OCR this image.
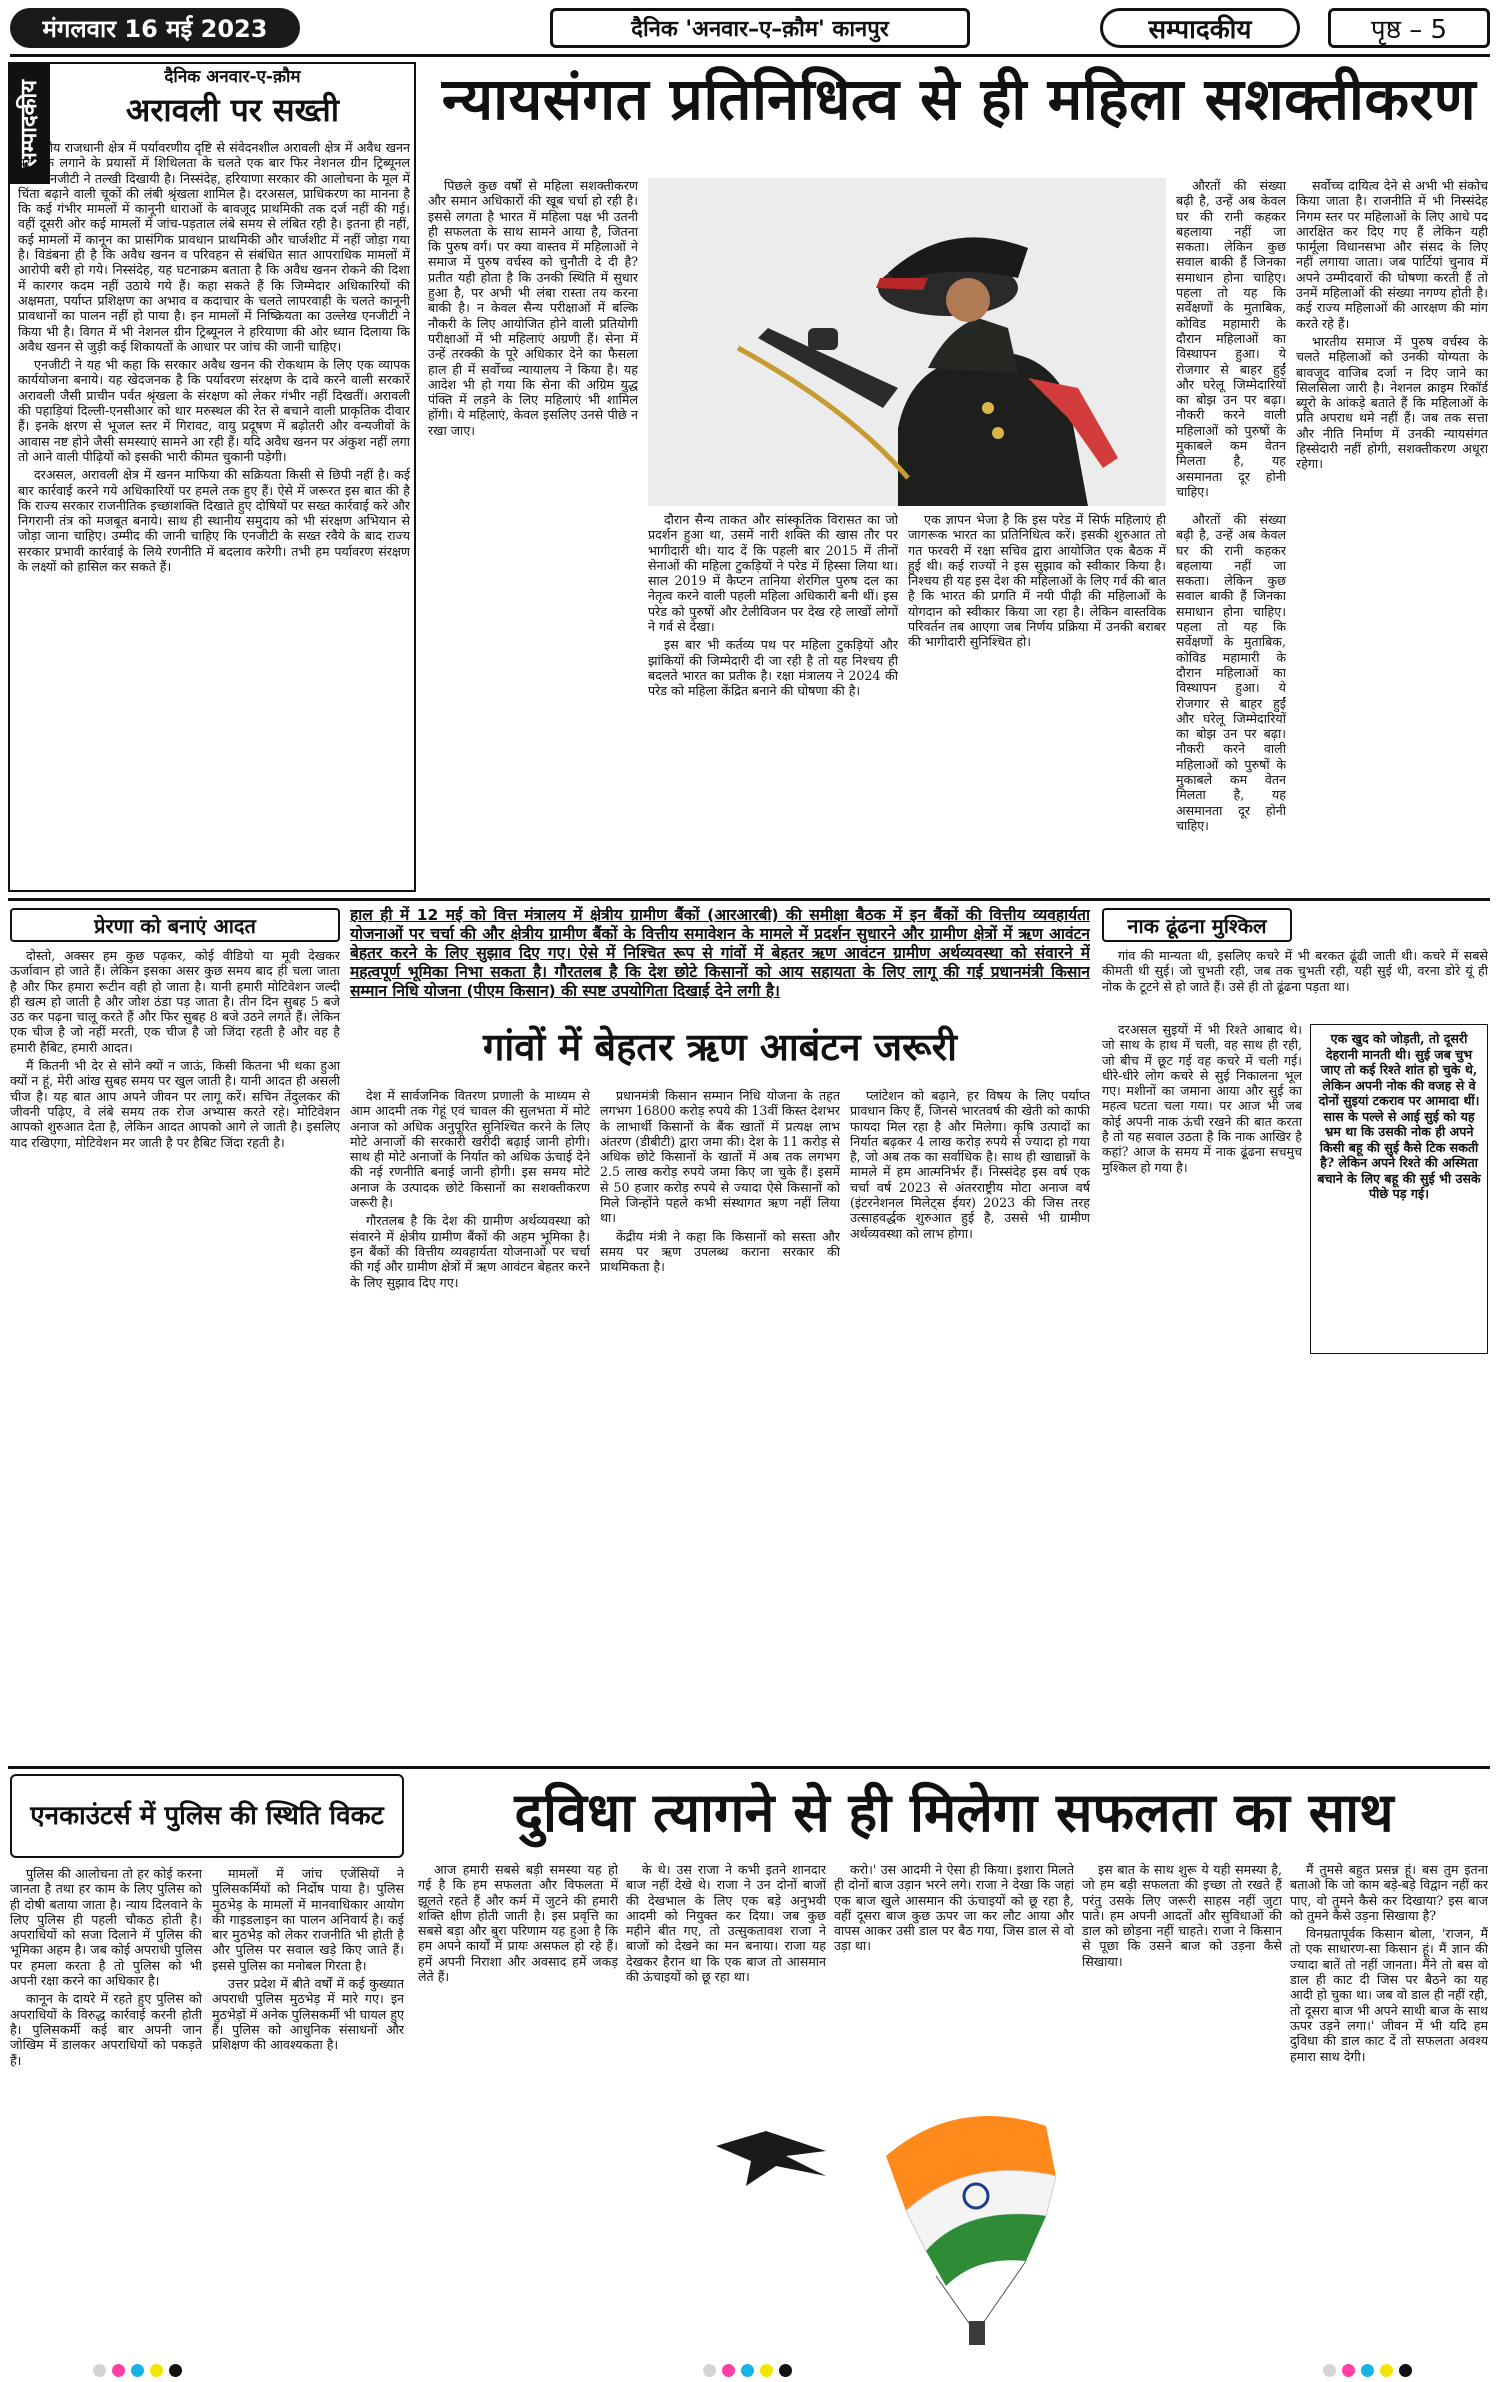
मंगलवार 16 मई 2023	दैनिक 'अनवार–ए–क़ौम' कानपुर	सम्पादकीय	पृष्ठ – 5
सम्पादकीय
दैनिक अनवार-ए-क़ौम
अरावली पर सख्ती

राष्ट्रीय राजधानी क्षेत्र में पर्यावरणीय दृष्टि से संवेदनशील अरावली क्षेत्र में अवैध खनन पर रोक लगाने के प्रयासों में शिथिलता के चलते एक बार फिर नेशनल ग्रीन ट्रिब्यूनल यानी एनजीटी ने तल्खी दिखायी है। निस्संदेह, हरियाणा सरकार की आलोचना के मूल में चिंता बढ़ाने वाली चूकों की लंबी श्रृंखला शामिल है। दरअसल, प्राधिकरण का मानना है कि कई गंभीर मामलों में कानूनी धाराओं के बावजूद प्राथमिकी तक दर्ज नहीं की गई। वहीं दूसरी ओर कई मामलों में जांच-पड़ताल लंबे समय से लंबित रही है। इतना ही नहीं, कई मामलों में कानून का प्रासंगिक प्रावधान प्राथमिकी और चार्जशीट में नहीं जोड़ा गया है। विडंबना ही है कि अवैध खनन व परिवहन से संबंधित सात आपराधिक मामलों में आरोपी बरी हो गये। निस्संदेह, यह घटनाक्रम बताता है कि अवैध खनन रोकने की दिशा में कारगर कदम नहीं उठाये गये हैं। कहा सकते हैं कि जिम्मेदार अधिकारियों की अक्षमता, पर्याप्त प्रशिक्षण का अभाव व कदाचार के चलते लापरवाही के चलते कानूनी प्रावधानों का पालन नहीं हो पाया है। इन मामलों में निष्क्रियता का उल्लेख एनजीटी ने किया भी है। विगत में भी नेशनल ग्रीन ट्रिब्यूनल ने हरियाणा की ओर ध्यान दिलाया कि अवैध खनन से जुड़ी कई शिकायतों के आधार पर जांच की जानी चाहिए।

एनजीटी ने यह भी कहा कि सरकार अवैध खनन की रोकथाम के लिए एक व्यापक कार्ययोजना बनाये। यह खेदजनक है कि पर्यावरण संरक्षण के दावे करने वाली सरकारें अरावली जैसी प्राचीन पर्वत श्रृंखला के संरक्षण को लेकर गंभीर नहीं दिखतीं। अरावली की पहाड़ियां दिल्ली-एनसीआर को थार मरुस्थल की रेत से बचाने वाली प्राकृतिक दीवार हैं। इनके क्षरण से भूजल स्तर में गिरावट, वायु प्रदूषण में बढ़ोतरी और वन्यजीवों के आवास नष्ट होने जैसी समस्याएं सामने आ रही हैं। यदि अवैध खनन पर अंकुश नहीं लगा तो आने वाली पीढ़ियों को इसकी भारी कीमत चुकानी पड़ेगी।

दरअसल, अरावली क्षेत्र में खनन माफिया की सक्रियता किसी से छिपी नहीं है। कई बार कार्रवाई करने गये अधिकारियों पर हमले तक हुए हैं। ऐसे में जरूरत इस बात की है कि राज्य सरकार राजनीतिक इच्छाशक्ति दिखाते हुए दोषियों पर सख्त कार्रवाई करे और निगरानी तंत्र को मजबूत बनाये। साथ ही स्थानीय समुदाय को भी संरक्षण अभियान से जोड़ा जाना चाहिए। उम्मीद की जानी चाहिए कि एनजीटी के सख्त रवैये के बाद राज्य सरकार प्रभावी कार्रवाई के लिये रणनीति में बदलाव करेगी। तभी हम पर्यावरण संरक्षण के लक्ष्यों को हासिल कर सकते हैं।

न्यायसंगत प्रतिनिधित्व से ही महिला सशक्तीकरण

पिछले कुछ वर्षों से महिला सशक्तीकरण और समान अधिकारों की खूब चर्चा हो रही है। इससे लगता है भारत में महिला पक्ष भी उतनी ही सफलता के साथ सामने आया है, जितना कि पुरुष वर्ग। पर क्या वास्तव में महिलाओं ने समाज में पुरुष वर्चस्व को चुनौती दे दी है? प्रतीत यही होता है कि उनकी स्थिति में सुधार हुआ है, पर अभी भी लंबा रास्ता तय करना बाकी है। न केवल सैन्य परीक्षाओं में बल्कि नौकरी के लिए आयोजित होने वाली प्रतियोगी परीक्षाओं में भी महिलाएं अग्रणी हैं। सेना में उन्हें तरक्की के पूरे अधिकार देने का फैसला हाल ही में सर्वोच्च न्यायालय ने किया है। यह आदेश भी हो गया कि सेना की अग्रिम युद्ध पंक्ति में लड़ने के लिए महिलाएं भी शामिल होंगी। ये महिलाएं, केवल इसलिए उनसे पीछे न रखा जाए।

दौरान सैन्य ताकत और सांस्कृतिक विरासत का जो प्रदर्शन हुआ था, उसमें नारी शक्ति की खास तौर पर भागीदारी थी। याद दें कि पहली बार 2015 में तीनों सेनाओं की महिला टुकड़ियों ने परेड में हिस्सा लिया था। साल 2019 में कैप्टन तानिया शेरगिल पुरुष दल का नेतृत्व करने वाली पहली महिला अधिकारी बनी थीं। इस परेड को पुरुषों और टेलीविजन पर देख रहे लाखों लोगों ने गर्व से देखा।

इस बार भी कर्तव्य पथ पर महिला टुकड़ियों और झांकियों की जिम्मेदारी दी जा रही है तो यह निश्चय ही बदलते भारत का प्रतीक है। रक्षा मंत्रालय ने 2024 की परेड को महिला केंद्रित बनाने की घोषणा की है।

एक ज्ञापन भेजा है कि इस परेड में सिर्फ महिलाएं ही जागरूक भारत का प्रतिनिधित्व करें। इसकी शुरुआत तो गत फरवरी में रक्षा सचिव द्वारा आयोजित एक बैठक में हुई थी। कई राज्यों ने इस सुझाव को स्वीकार किया है। निश्चय ही यह इस देश की महिलाओं के लिए गर्व की बात है कि भारत की प्रगति में नयी पीढ़ी की महिलाओं के योगदान को स्वीकार किया जा रहा है। लेकिन वास्तविक परिवर्तन तब आएगा जब निर्णय प्रक्रिया में उनकी बराबर की भागीदारी सुनिश्चित हो।

औरतों की संख्या बढ़ी है, उन्हें अब केवल घर की रानी कहकर बहलाया नहीं जा सकता। लेकिन कुछ सवाल बाकी हैं जिनका समाधान होना चाहिए। पहला तो यह कि सर्वेक्षणों के मुताबिक, कोविड महामारी के दौरान महिलाओं का विस्थापन हुआ। ये रोजगार से बाहर हुईं और घरेलू जिम्मेदारियों का बोझ उन पर बढ़ा। नौकरी करने वाली महिलाओं को पुरुषों के मुकाबले कम वेतन मिलता है, यह असमानता दूर होनी चाहिए।

सर्वोच्च दायित्व देने से अभी भी संकोच किया जाता है। राजनीति में भी निस्संदेह निगम स्तर पर महिलाओं के लिए आधे पद आरक्षित कर दिए गए हैं लेकिन यही फार्मूला विधानसभा और संसद के लिए नहीं लगाया जाता। जब पार्टियां चुनाव में अपने उम्मीदवारों की घोषणा करती हैं तो उनमें महिलाओं की संख्या नगण्य होती है। कई राज्य महिलाओं की आरक्षण की मांग करते रहे हैं।

भारतीय समाज में पुरुष वर्चस्व के चलते महिलाओं को उनकी योग्यता के बावजूद वाजिब दर्जा न दिए जाने का सिलसिला जारी है। नेशनल क्राइम रिकॉर्ड ब्यूरो के आंकड़े बताते हैं कि महिलाओं के प्रति अपराध थमे नहीं हैं। जब तक सत्ता और नीति निर्माण में उनकी न्यायसंगत हिस्सेदारी नहीं होगी, सशक्तीकरण अधूरा रहेगा।

औरतों की संख्या बढ़ी है, उन्हें अब केवल घर की रानी कहकर बहलाया नहीं जा सकता। लेकिन कुछ सवाल बाकी हैं जिनका समाधान होना चाहिए। पहला तो यह कि सर्वेक्षणों के मुताबिक, कोविड महामारी के दौरान महिलाओं का विस्थापन हुआ। ये रोजगार से बाहर हुईं और घरेलू जिम्मेदारियों का बोझ उन पर बढ़ा। नौकरी करने वाली महिलाओं को पुरुषों के मुकाबले कम वेतन मिलता है, यह असमानता दूर होनी चाहिए।

प्रेरणा को बनाएं आदत

दोस्तो, अक्सर हम कुछ पढ़कर, कोई वीडियो या मूवी देखकर ऊर्जावान हो जाते हैं। लेकिन इसका असर कुछ समय बाद ही चला जाता है और फिर हमारा रूटीन वही हो जाता है। यानी हमारी मोटिवेशन जल्दी ही खत्म हो जाती है और जोश ठंडा पड़ जाता है। तीन दिन सुबह 5 बजे उठ कर पढ़ना चालू करते हैं और फिर सुबह 8 बजे उठने लगते हैं। लेकिन एक चीज है जो नहीं मरती, एक चीज है जो जिंदा रहती है और वह है हमारी हैबिट, हमारी आदत।

मैं कितनी भी देर से सोने क्यों न जाऊं, किसी कितना भी थका हुआ क्यों न हूं, मेरी आंख सुबह समय पर खुल जाती है। यानी आदत ही असली चीज है। यह बात आप अपने जीवन पर लागू करें। सचिन तेंदुलकर की जीवनी पढ़िए, वे लंबे समय तक रोज अभ्यास करते रहे। मोटिवेशन आपको शुरुआत देता है, लेकिन आदत आपको आगे ले जाती है। इसलिए याद रखिएगा, मोटिवेशन मर जाती है पर हैबिट जिंदा रहती है।

हाल ही में 12 मई को वित्त मंत्रालय में क्षेत्रीय ग्रामीण बैंकों (आरआरबी) की समीक्षा बैठक में इन बैंकों की वित्तीय व्यवहार्यता योजनाओं पर चर्चा की और क्षेत्रीय ग्रामीण बैंकों के वित्तीय समावेशन के मामले में प्रदर्शन सुधारने और ग्रामीण क्षेत्रों में ऋण आवंटन बेहतर करने के लिए सुझाव दिए गए। ऐसे में निश्चित रूप से गांवों में बेहतर ऋण आवंटन ग्रामीण अर्थव्यवस्था को संवारने में महत्वपूर्ण भूमिका निभा सकता है। गौरतलब है कि देश छोटे किसानों को आय सहायता के लिए लागू की गई प्रधानमंत्री किसान सम्मान निधि योजना (पीएम किसान) की स्पष्ट उपयोगिता दिखाई देने लगी है।
गांवों में बेहतर ऋण आबंटन जरूरी

देश में सार्वजनिक वितरण प्रणाली के माध्यम से आम आदमी तक गेहूं एवं चावल की सुलभता में मोटे अनाज को अधिक अनुपूरित सुनिश्चित करने के लिए मोटे अनाजों की सरकारी खरीदी बढ़ाई जानी होगी। साथ ही मोटे अनाजों के निर्यात को अधिक ऊंचाई देने की नई रणनीति बनाई जानी होगी। इस समय मोटे अनाज के उत्पादक छोटे किसानों का सशक्तीकरण जरूरी है।

गौरतलब है कि देश की ग्रामीण अर्थव्यवस्था को संवारने में क्षेत्रीय ग्रामीण बैंकों की अहम भूमिका है। इन बैंकों की वित्तीय व्यवहार्यता योजनाओं पर चर्चा की गई और ग्रामीण क्षेत्रों में ऋण आवंटन बेहतर करने के लिए सुझाव दिए गए।

प्रधानमंत्री किसान सम्मान निधि योजना के तहत लगभग 16800 करोड़ रुपये की 13वीं किस्त देशभर के लाभार्थी किसानों के बैंक खातों में प्रत्यक्ष लाभ अंतरण (डीबीटी) द्वारा जमा की। देश के 11 करोड़ से अधिक छोटे किसानों के खातों में अब तक लगभग 2.5 लाख करोड़ रुपये जमा किए जा चुके हैं। इसमें से 50 हजार करोड़ रुपये से ज्यादा ऐसे किसानों को मिले जिन्होंने पहले कभी संस्थागत ऋण नहीं लिया था।

केंद्रीय मंत्री ने कहा कि किसानों को सस्ता और समय पर ऋण उपलब्ध कराना सरकार की प्राथमिकता है।

प्लांटेशन को बढ़ाने, हर विषय के लिए पर्याप्त प्रावधान किए हैं, जिनसे भारतवर्ष की खेती को काफी फायदा मिल रहा है और मिलेगा। कृषि उत्पादों का निर्यात बढ़कर 4 लाख करोड़ रुपये से ज्यादा हो गया है, जो अब तक का सर्वाधिक है। साथ ही खाद्यान्नों के मामले में हम आत्मनिर्भर हैं। निस्संदेह इस वर्ष एक चर्चा वर्ष 2023 से अंतरराष्ट्रीय मोटा अनाज वर्ष (इंटरनेशनल मिलेट्स ईयर) 2023 की जिस तरह उत्साहवर्द्धक शुरुआत हुई है, उससे भी ग्रामीण अर्थव्यवस्था को लाभ होगा।

नाक ढूंढना मुश्किल

गांव की मान्यता थी, इसलिए कचरे में भी बरकत ढूंढी जाती थी। कचरे में सबसे कीमती थी सुई। जो चुभती रही, जब तक चुभती रही, यही सुई थी, वरना डोरे यूं ही नोक के टूटने से हो जाते हैं। उसे ही तो ढूंढना पड़ता था।

दरअसल सुइयों में भी रिश्ते आबाद थे। जो साथ के हाथ में चली, वह साथ ही रही, जो बीच में छूट गई वह कचरे में चली गई। धीरे-धीरे लोग कचरे से सुई निकालना भूल गए। मशीनों का जमाना आया और सुई का महत्व घटता चला गया। पर आज भी जब कोई अपनी नाक ऊंची रखने की बात करता है तो यह सवाल उठता है कि नाक आखिर है कहां? आज के समय में नाक ढूंढना सचमुच मुश्किल हो गया है।

एक खुद को जोड़ती, तो दूसरी देहरानी मानती थी। सुई जब चुभ जाए तो कई रिश्ते शांत हो चुके थे, लेकिन अपनी नोक की वजह से वे दोनों सुइयां टकराव पर आमादा थीं। सास के पल्ले से आई सुई को यह भ्रम था कि उसकी नोक ही अपने किसी बहू की सुई कैसे टिक सकती है? लेकिन अपने रिश्ते की अस्मिता बचाने के लिए बहू की सुई भी उसके पीछे पड़ गई।
एनकाउंटर्स में पुलिस की स्थिति विकट

पुलिस की आलोचना तो हर कोई करना जानता है तथा हर काम के लिए पुलिस को ही दोषी बताया जाता है। न्याय दिलवाने के लिए पुलिस ही पहली चौकठ होती है। अपराधियों को सजा दिलाने में पुलिस की भूमिका अहम है। जब कोई अपराधी पुलिस पर हमला करता है तो पुलिस को भी अपनी रक्षा करने का अधिकार है।

कानून के दायरे में रहते हुए पुलिस को अपराधियों के विरुद्ध कार्रवाई करनी होती है। पुलिसकर्मी कई बार अपनी जान जोखिम में डालकर अपराधियों को पकड़ते हैं।

मामलों में जांच एजेंसियों ने पुलिसकर्मियों को निर्दोष पाया है। पुलिस मुठभेड़ के मामलों में मानवाधिकार आयोग की गाइडलाइन का पालन अनिवार्य है। कई बार मुठभेड़ को लेकर राजनीति भी होती है और पुलिस पर सवाल खड़े किए जाते हैं। इससे पुलिस का मनोबल गिरता है।

उत्तर प्रदेश में बीते वर्षों में कई कुख्यात अपराधी पुलिस मुठभेड़ में मारे गए। इन मुठभेड़ों में अनेक पुलिसकर्मी भी घायल हुए हैं। पुलिस को आधुनिक संसाधनों और प्रशिक्षण की आवश्यकता है।

दुविधा त्यागने से ही मिलेगा सफलता का साथ

आज हमारी सबसे बड़ी समस्या यह हो गई है कि हम सफलता और विफलता में झूलते रहते हैं और कर्म में जुटने की हमारी शक्ति क्षीण होती जाती है। इस प्रवृत्ति का सबसे बड़ा और बुरा परिणाम यह हुआ है कि हम अपने कार्यों में प्रायः असफल हो रहे हैं। हमें अपनी निराशा और अवसाद हमें जकड़ लेते हैं।

के थे। उस राजा ने कभी इतने शानदार बाज नहीं देखे थे। राजा ने उन दोनों बाजों की देखभाल के लिए एक बड़े अनुभवी आदमी को नियुक्त कर दिया। जब कुछ महीने बीत गए, तो उत्सुकतावश राजा ने बाजों को देखने का मन बनाया। राजा यह देखकर हैरान था कि एक बाज तो आसमान की ऊंचाइयों को छू रहा था।

करो।' उस आदमी ने ऐसा ही किया। इशारा मिलते ही दोनों बाज उड़ान भरने लगे। राजा ने देखा कि जहां एक बाज खुले आसमान की ऊंचाइयों को छू रहा है, वहीं दूसरा बाज कुछ ऊपर जा कर लौट आया और वापस आकर उसी डाल पर बैठ गया, जिस डाल से वो उड़ा था।

इस बात के साथ शुरू ये यही समस्या है, जो हम बड़ी सफलता की इच्छा तो रखते हैं परंतु उसके लिए जरूरी साहस नहीं जुटा पाते। हम अपनी आदतों और सुविधाओं की डाल को छोड़ना नहीं चाहते। राजा ने किसान से पूछा कि उसने बाज को उड़ना कैसे सिखाया।

मैं तुमसे बहुत प्रसन्न हूं। बस तुम इतना बताओ कि जो काम बड़े-बड़े विद्वान नहीं कर पाए, वो तुमने कैसे कर दिखाया? इस बाज को तुमने कैसे उड़ना सिखाया है?

विनम्रतापूर्वक किसान बोला, 'राजन, मैं तो एक साधारण-सा किसान हूं। मैं ज्ञान की ज्यादा बातें तो नहीं जानता। मैंने तो बस वो डाल ही काट दी जिस पर बैठने का यह आदी हो चुका था। जब वो डाल ही नहीं रही, तो दूसरा बाज भी अपने साथी बाज के साथ ऊपर उड़ने लगा।' जीवन में भी यदि हम दुविधा की डाल काट दें तो सफलता अवश्य हमारा साथ देगी।
